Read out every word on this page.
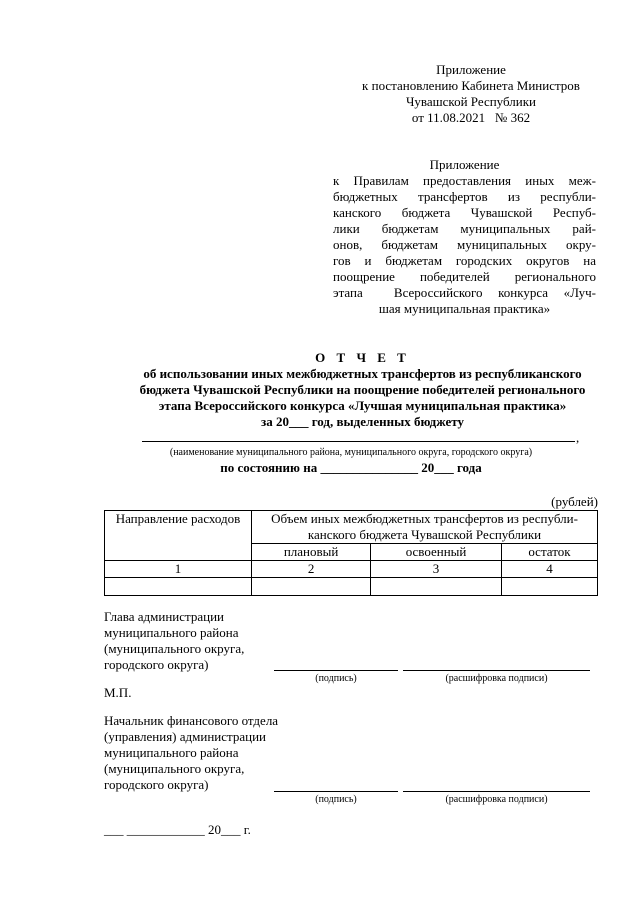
Приложение
к постановлению Кабинета Министров
Чувашской Республики
от 11.08.2021   № 362
Приложение
к Правилам предоставления иных меж-
бюджетных трансфертов из республи-
канского бюджета Чувашской Респуб-
лики бюджетам муниципальных рай-
онов, бюджетам муниципальных окру-
гов и бюджетам городских округов на
поощрение победителей регионального
этапа  Всероссийского конкурса «Луч-
шая муниципальная практика»
О Т Ч Е Т
об использовании иных межбюджетных трансфертов из республиканского
бюджета Чувашской Республики на поощрение победителей регионального
этапа Всероссийского конкурса «Лучшая муниципальная практика»
за 20___ год, выделенных бюджету
,
(наименование муниципального района, муниципального округа, городского округа)
по состоянию на _______________ 20___ года
(рублей)
Направление расходов	Объем иных межбюджетных трансфертов из республи-
канского бюджета Чувашской Республики		

	плановый	освоенный	остаток
1	2	3	4

Глава администрации
муниципального района
(муниципального округа,
городского округа)
(подпись)	(расшифровка подписи)
М.П.
Начальник финансового отдела
(управления) администрации
муниципального района
(муниципального округа,
городского округа)
(подпись)	(расшифровка подписи)
___ ____________ 20___ г.
